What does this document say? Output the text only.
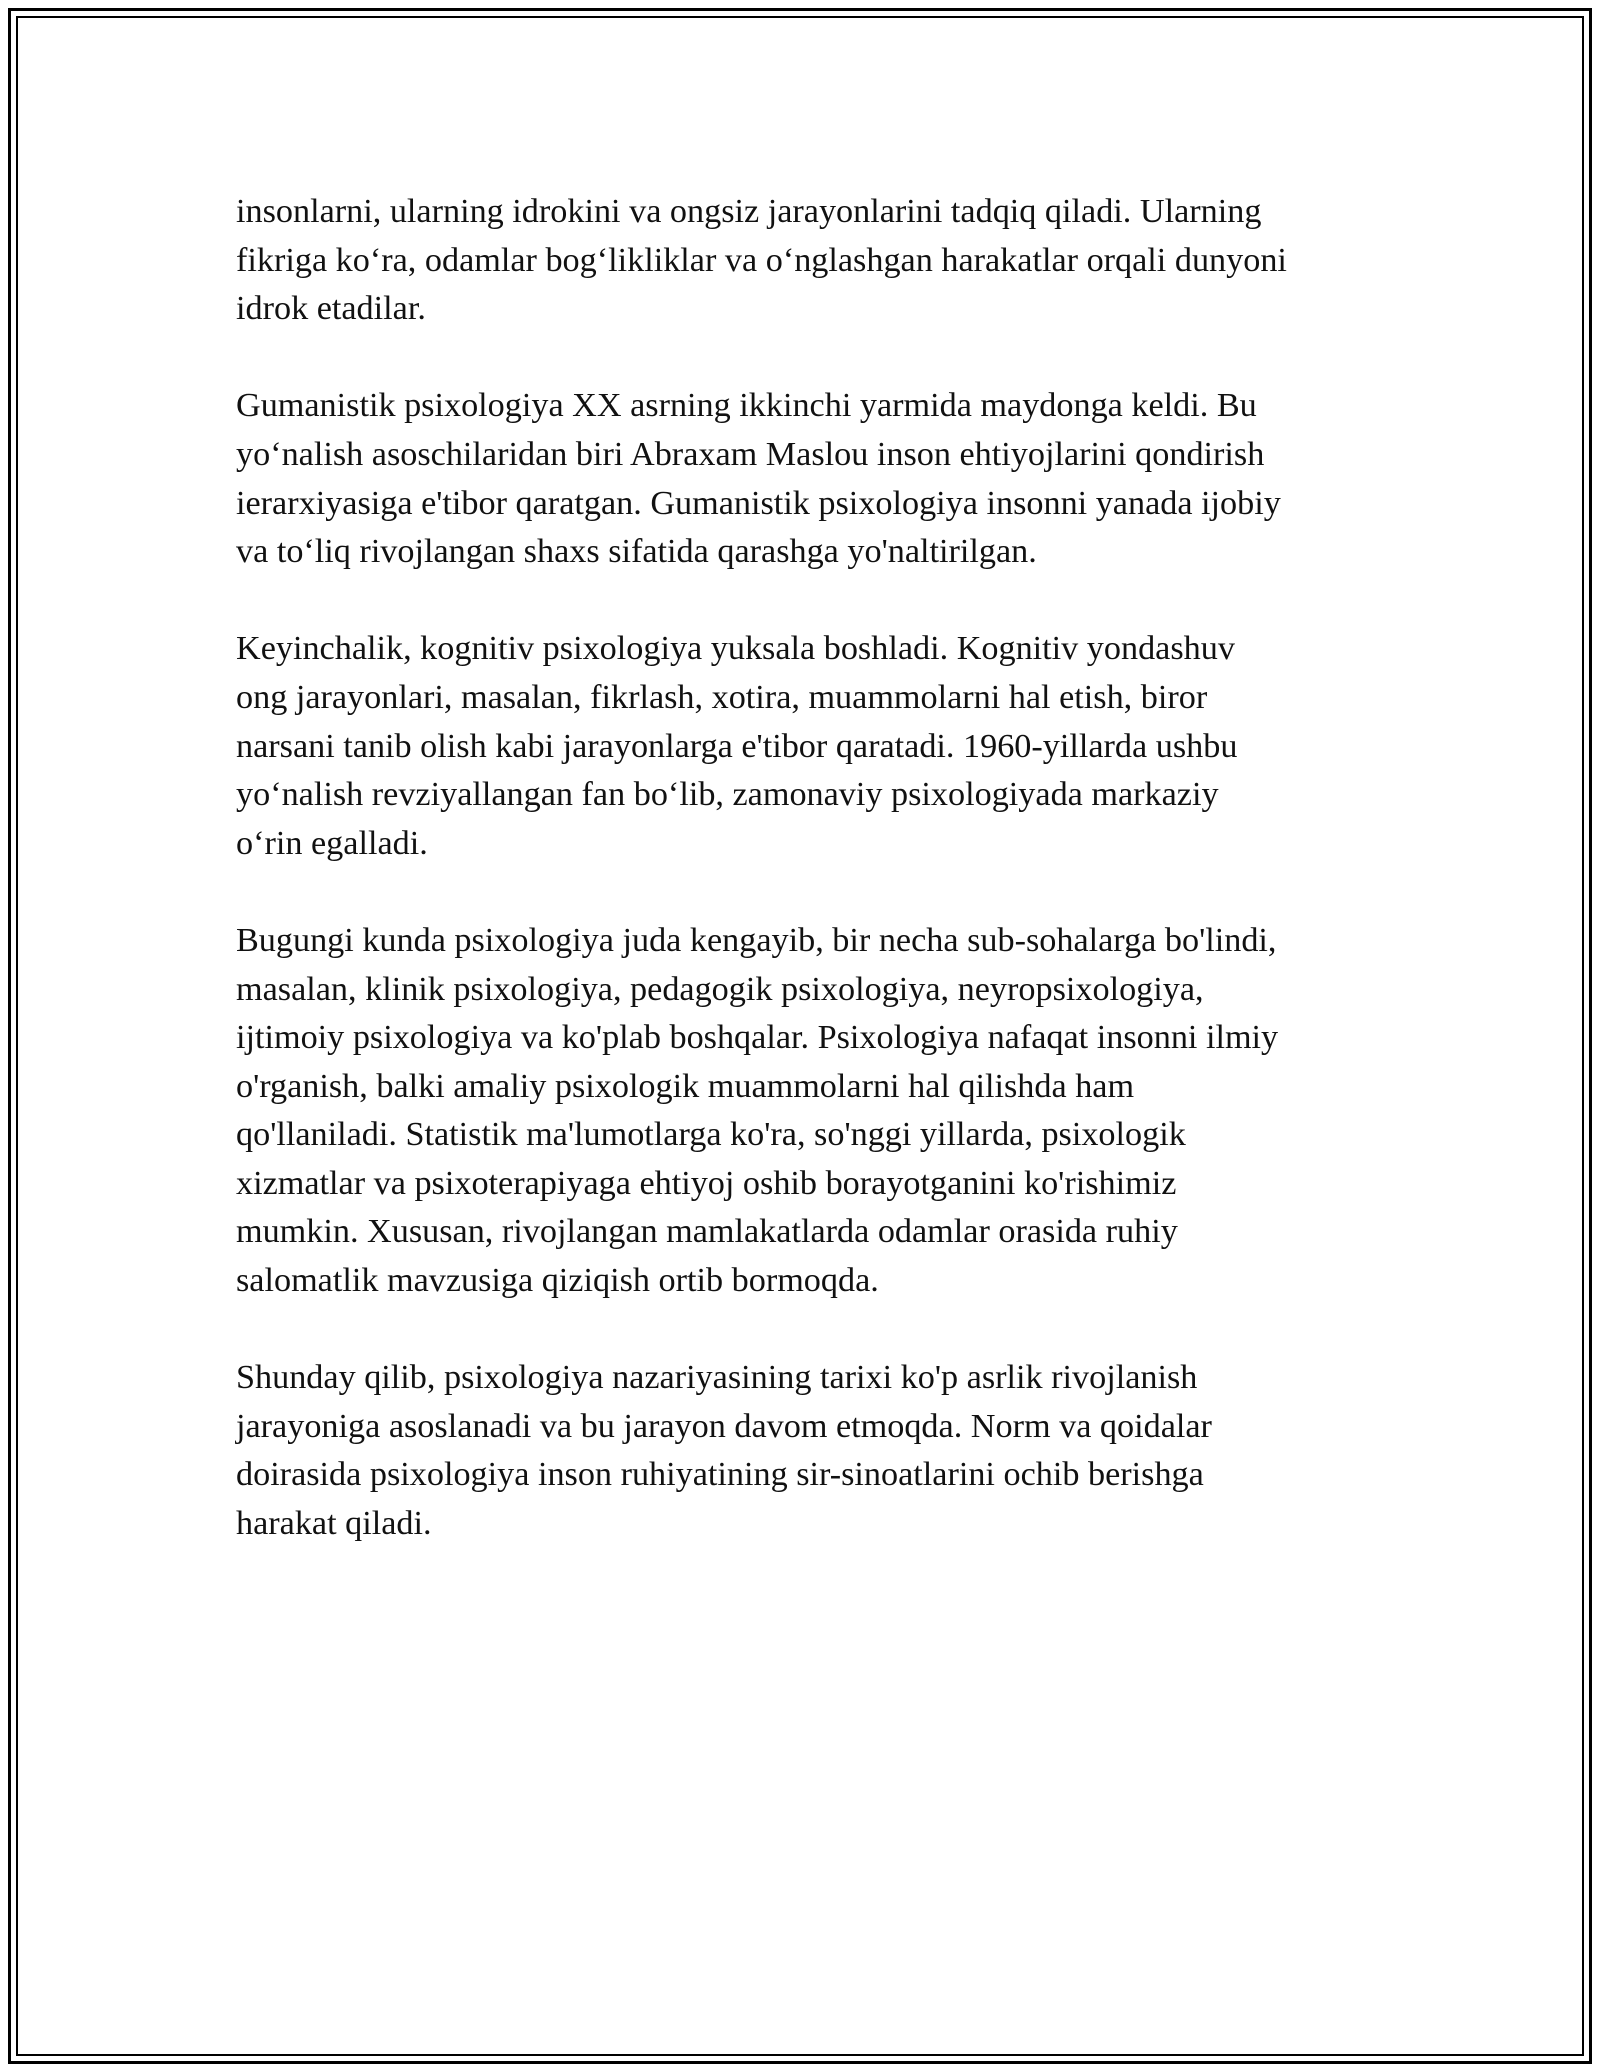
insonlarni, ularning idrokini va ongsiz jarayonlarini tadqiq qiladi. Ularning
fikriga ko‘ra, odamlar bog‘likliklar va o‘nglashgan harakatlar orqali dunyoni
idrok etadilar.

Gumanistik psixologiya XX asrning ikkinchi yarmida maydonga keldi. Bu
yo‘nalish asoschilaridan biri Abraxam Maslou inson ehtiyojlarini qondirish
ierarxiyasiga e'tibor qaratgan. Gumanistik psixologiya insonni yanada ijobiy
va to‘liq rivojlangan shaxs sifatida qarashga yo'naltirilgan.

Keyinchalik, kognitiv psixologiya yuksala boshladi. Kognitiv yondashuv
ong jarayonlari, masalan, fikrlash, xotira, muammolarni hal etish, biror
narsani tanib olish kabi jarayonlarga e'tibor qaratadi. 1960-yillarda ushbu
yo‘nalish revziyallangan fan bo‘lib, zamonaviy psixologiyada markaziy
o‘rin egalladi.

Bugungi kunda psixologiya juda kengayib, bir necha sub-sohalarga bo'lindi,
masalan, klinik psixologiya, pedagogik psixologiya, neyropsixologiya,
ijtimoiy psixologiya va ko'plab boshqalar. Psixologiya nafaqat insonni ilmiy
o'rganish, balki amaliy psixologik muammolarni hal qilishda ham
qo'llaniladi. Statistik ma'lumotlarga ko'ra, so'nggi yillarda, psixologik
xizmatlar va psixoterapiyaga ehtiyoj oshib borayotganini ko'rishimiz
mumkin. Xususan, rivojlangan mamlakatlarda odamlar orasida ruhiy
salomatlik mavzusiga qiziqish ortib bormoqda.

Shunday qilib, psixologiya nazariyasining tarixi ko'p asrlik rivojlanish
jarayoniga asoslanadi va bu jarayon davom etmoqda. Norm va qoidalar
doirasida psixologiya inson ruhiyatining sir-sinoatlarini ochib berishga
harakat qiladi.
